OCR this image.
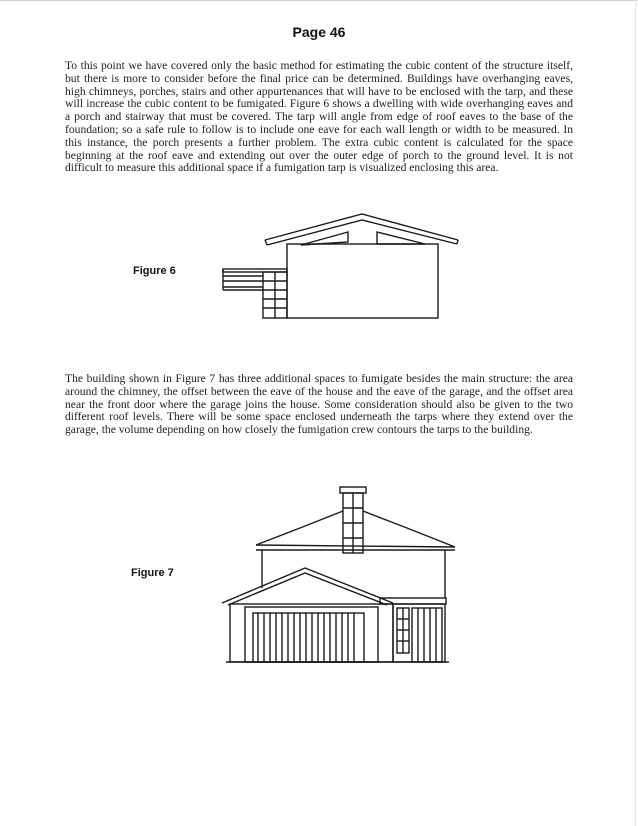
Page 46

To this point we have covered only the basic method for estimating the cubic content of the structure itself, but there is more to consider before the final price can be determined. Buildings have overhanging eaves, high chimneys, porches, stairs and other appurtenances that will have to be enclosed with the tarp, and these will increase the cubic content to be fumigated. Figure 6 shows a dwelling with wide overhanging eaves and a porch and stairway that must be covered. The tarp will angle from edge of roof eaves to the base of the foundation; so a safe rule to follow is to include one eave for each wall length or width to be measured. In this instance, the porch presents a further problem. The extra cubic content is calculated for the space beginning at the roof eave and extending out over the outer edge of porch to the ground level. It is not difficult to measure this additional space if a fumigation tarp is visualized enclosing this area.

Figure 6

The building shown in Figure 7 has three additional spaces to fumigate besides the main structure: the area around the chimney, the offset between the eave of the house and the eave of the garage, and the offset area near the front door where the garage joins the house. Some consideration should also be given to the two different roof levels. There will be some space enclosed underneath the tarps where they extend over the garage, the volume depending on how closely the fumigation crew contours the tarps to the building.

Figure 7
